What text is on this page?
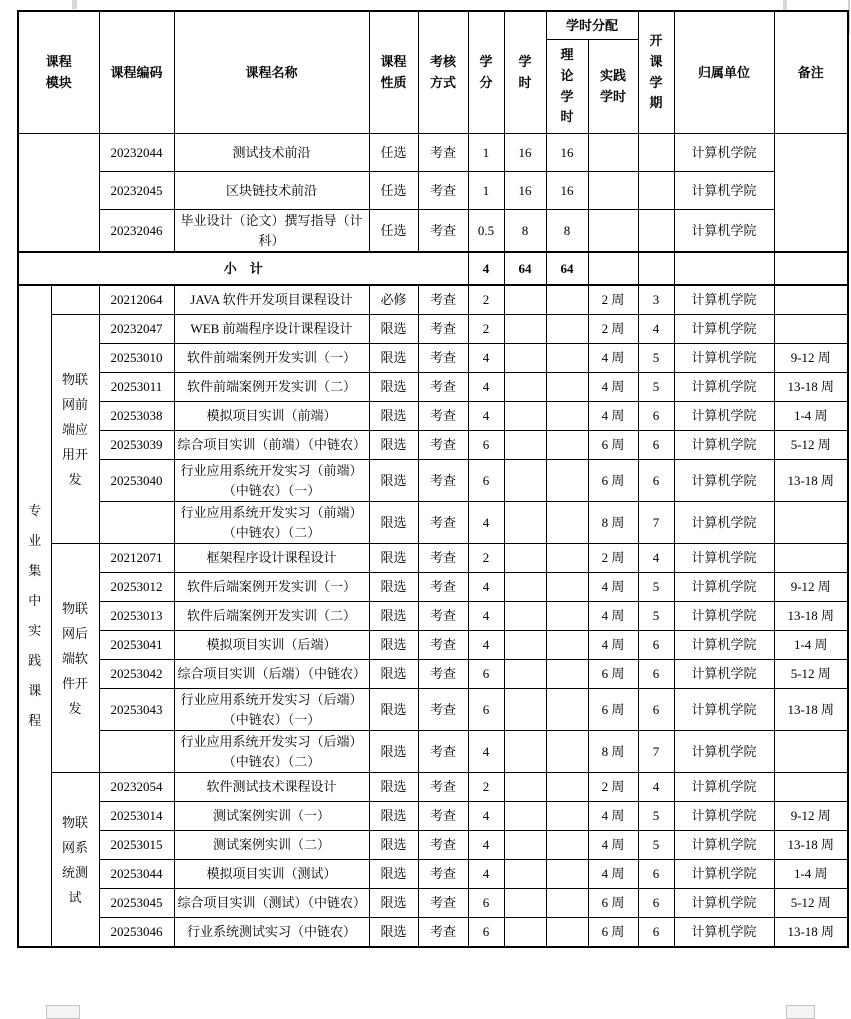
课程模块		课程编码	课程名称	课程性质	考核方式	学分	学时	学时分配		开课学期	归属单位	备注
								理论学时	实践学时			
		20232044	测试技术前沿	任选	考查	1	16	16			计算机学院	
		20232045	区块链技术前沿	任选	考查	1	16	16			计算机学院	
		20232046	毕业设计（论文）撰写指导（计科）	任选	考查	0.5	8	8			计算机学院	
小　计						4	64	64				
专业集中实践课程		20212064	JAVA 软件开发项目课程设计	必修	考查	2			2 周	3	计算机学院	
	物联网前端应用开发	20232047	WEB 前端程序设计课程设计	限选	考查	2			2 周	4	计算机学院	
		20253010	软件前端案例开发实训（一）	限选	考查	4			4 周	5	计算机学院	9-12 周
		20253011	软件前端案例开发实训（二）	限选	考查	4			4 周	5	计算机学院	13-18 周
		20253038	模拟项目实训（前端）	限选	考查	4			4 周	6	计算机学院	1-4 周
		20253039	综合项目实训（前端）（中链农）	限选	考查	6			6 周	6	计算机学院	5-12 周
		20253040	行业应用系统开发实习（前端）（中链农）（一）	限选	考查	6			6 周	6	计算机学院	13-18 周
			行业应用系统开发实习（前端）（中链农）（二）	限选	考查	4			8 周	7	计算机学院	
	物联网后端软件开发	20212071	框架程序设计课程设计	限选	考查	2			2 周	4	计算机学院	
		20253012	软件后端案例开发实训（一）	限选	考查	4			4 周	5	计算机学院	9-12 周
		20253013	软件后端案例开发实训（二）	限选	考查	4			4 周	5	计算机学院	13-18 周
		20253041	模拟项目实训（后端）	限选	考查	4			4 周	6	计算机学院	1-4 周
		20253042	综合项目实训（后端）（中链农）	限选	考查	6			6 周	6	计算机学院	5-12 周
		20253043	行业应用系统开发实习（后端）（中链农）（一）	限选	考查	6			6 周	6	计算机学院	13-18 周
			行业应用系统开发实习（后端）（中链农）（二）	限选	考查	4			8 周	7	计算机学院	
	物联网系统测试	20232054	软件测试技术课程设计	限选	考查	2			2 周	4	计算机学院	
		20253014	测试案例实训（一）	限选	考查	4			4 周	5	计算机学院	9-12 周
		20253015	测试案例实训（二）	限选	考查	4			4 周	5	计算机学院	13-18 周
		20253044	模拟项目实训（测试）	限选	考查	4			4 周	6	计算机学院	1-4 周
		20253045	综合项目实训（测试）（中链农）	限选	考查	6			6 周	6	计算机学院	5-12 周
		20253046	行业系统测试实习（中链农）	限选	考查	6			6 周	6	计算机学院	13-18 周
